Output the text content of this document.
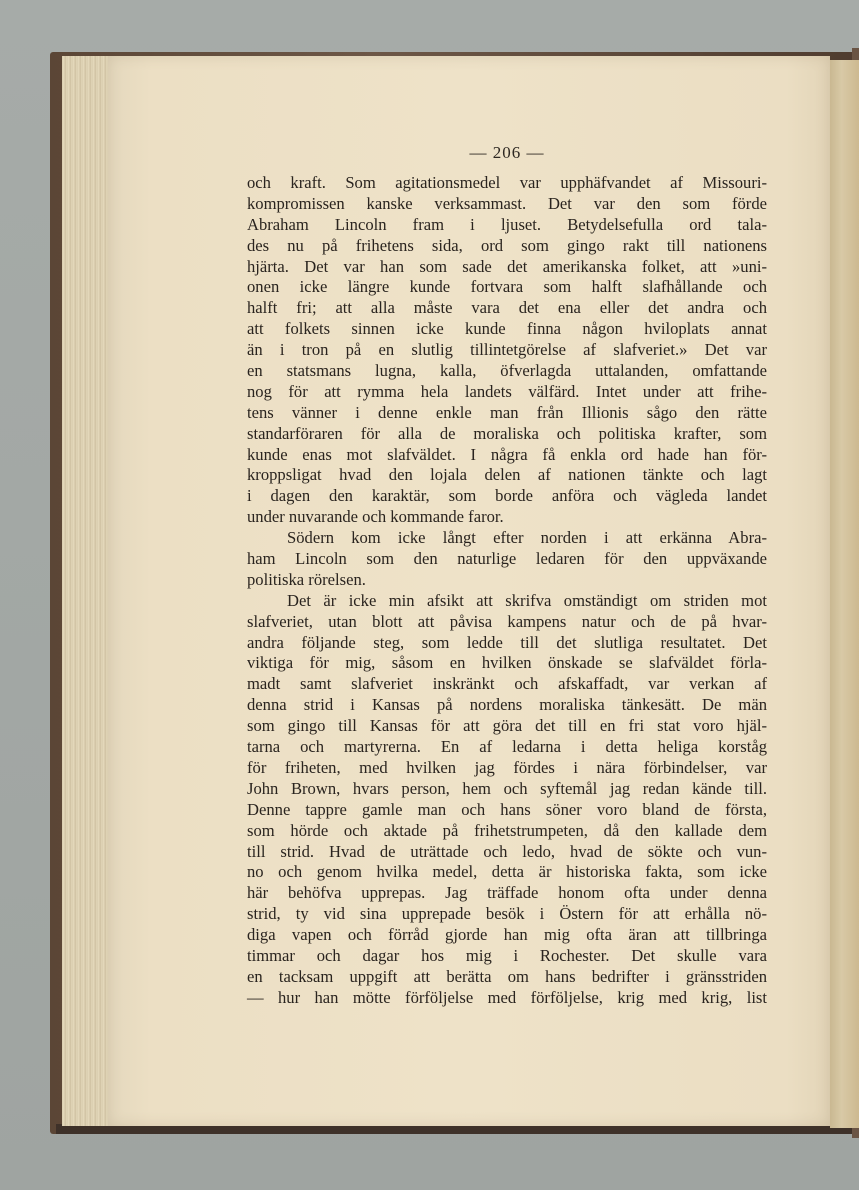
— 206 —
och kraft. Som agitationsmedel var upphäfvandet af Missouri-
kompromissen kanske verksammast. Det var den som förde
Abraham Lincoln fram i ljuset. Betydelsefulla ord tala-
des nu på frihetens sida, ord som gingo rakt till nationens
hjärta. Det var han som sade det amerikanska folket, att »uni-
onen icke längre kunde fortvara som halft slafhållande och
halft fri; att alla måste vara det ena eller det andra och
att folkets sinnen icke kunde finna någon hviloplats annat
än i tron på en slutlig tillintetgörelse af slafveriet.» Det var
en statsmans lugna, kalla, öfverlagda uttalanden, omfattande
nog för att rymma hela landets välfärd. Intet under att frihe-
tens vänner i denne enkle man från Illionis sågo den rätte
standarföraren för alla de moraliska och politiska krafter, som
kunde enas mot slafväldet. I några få enkla ord hade han för-
kroppsligat hvad den lojala delen af nationen tänkte och lagt
i dagen den karaktär, som borde anföra och vägleda landet
under nuvarande och kommande faror.
Södern kom icke långt efter norden i att erkänna Abra-
ham Lincoln som den naturlige ledaren för den uppväxande
politiska rörelsen.
Det är icke min afsikt att skrifva omständigt om striden mot
slafveriet, utan blott att påvisa kampens natur och de på hvar-
andra följande steg, som ledde till det slutliga resultatet. Det
viktiga för mig, såsom en hvilken önskade se slafväldet förla-
madt samt slafveriet inskränkt och afskaffadt, var verkan af
denna strid i Kansas på nordens moraliska tänkesätt. De män
som gingo till Kansas för att göra det till en fri stat voro hjäl-
tarna och martyrerna. En af ledarna i detta heliga korståg
för friheten, med hvilken jag fördes i nära förbindelser, var
John Brown, hvars person, hem och syftemål jag redan kände till.
Denne tappre gamle man och hans söner voro bland de första,
som hörde och aktade på frihetstrumpeten, då den kallade dem
till strid. Hvad de uträttade och ledo, hvad de sökte och vun-
no och genom hvilka medel, detta är historiska fakta, som icke
här behöfva upprepas. Jag träffade honom ofta under denna
strid, ty vid sina upprepade besök i Östern för att erhålla nö-
diga vapen och förråd gjorde han mig ofta äran att tillbringa
timmar och dagar hos mig i Rochester. Det skulle vara
en tacksam uppgift att berätta om hans bedrifter i gränsstriden
— hur han mötte förföljelse med förföljelse, krig med krig, list
